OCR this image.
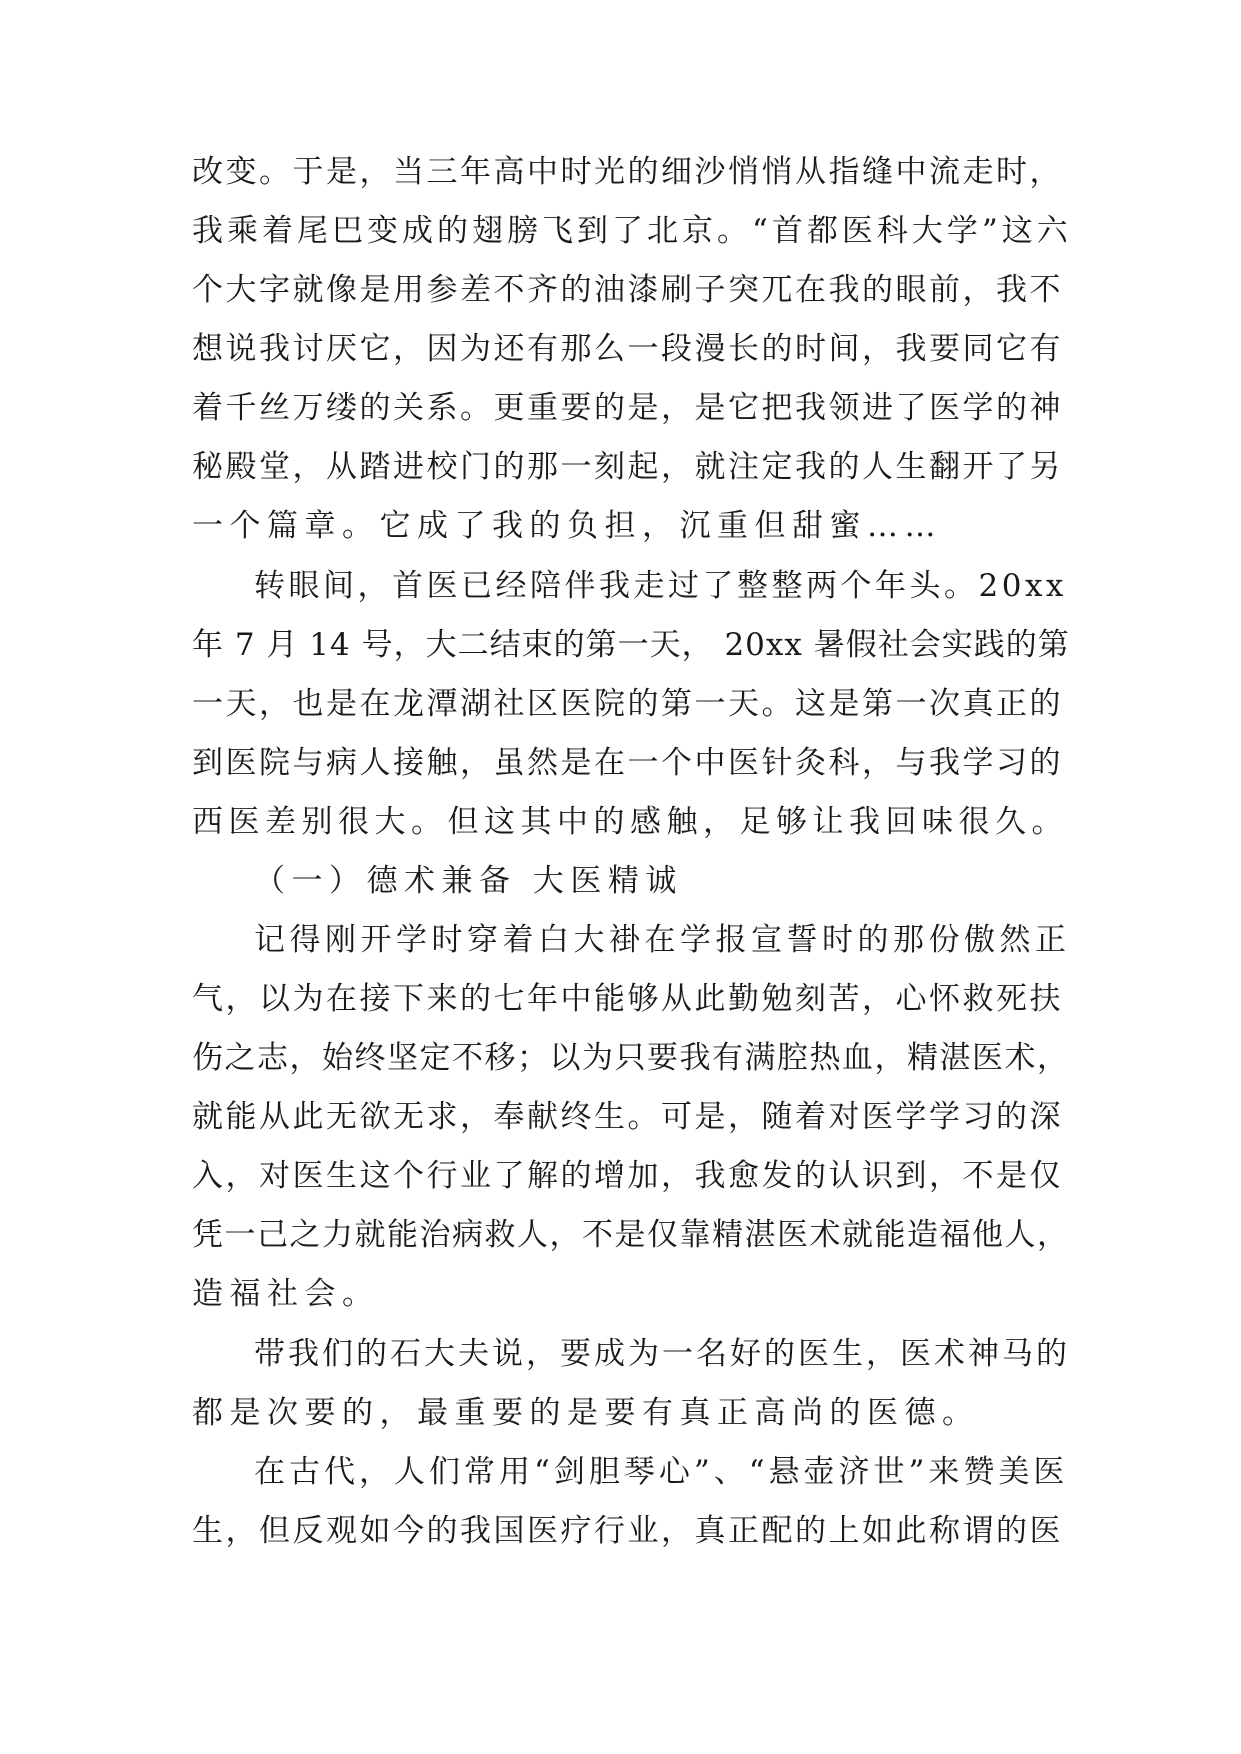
改变。于是，当三年高中时光的细沙悄悄从指缝中流走时，
我乘着尾巴变成的翅膀飞到了北京。“首都医科大学”这六
个大字就像是用参差不齐的油漆刷子突兀在我的眼前，我不
想说我讨厌它，因为还有那么一段漫长的时间，我要同它有
着千丝万缕的关系。更重要的是，是它把我领进了医学的神
秘殿堂，从踏进校门的那一刻起，就注定我的人生翻开了另
一个篇章。它成了我的负担，沉重但甜蜜……
转眼间，首医已经陪伴我走过了整整两个年头。20xx
年 7 月 14 号，大二结束的第一天， 20xx 暑假社会实践的第
一天，也是在龙潭湖社区医院的第一天。这是第一次真正的
到医院与病人接触，虽然是在一个中医针灸科，与我学习的
西医差别很大。但这其中的感触，足够让我回味很久。
（一）德术兼备 大医精诚
记得刚开学时穿着白大褂在学报宣誓时的那份傲然正
气，以为在接下来的七年中能够从此勤勉刻苦，心怀救死扶
伤之志，始终坚定不移；以为只要我有满腔热血，精湛医术，
就能从此无欲无求，奉献终生。可是，随着对医学学习的深
入，对医生这个行业了解的增加，我愈发的认识到，不是仅
凭一己之力就能治病救人，不是仅靠精湛医术就能造福他人，
造福社会。
带我们的石大夫说，要成为一名好的医生，医术神马的
都是次要的，最重要的是要有真正高尚的医德。
在古代，人们常用“剑胆琴心”、“悬壶济世”来赞美医
生，但反观如今的我国医疗行业，真正配的上如此称谓的医
